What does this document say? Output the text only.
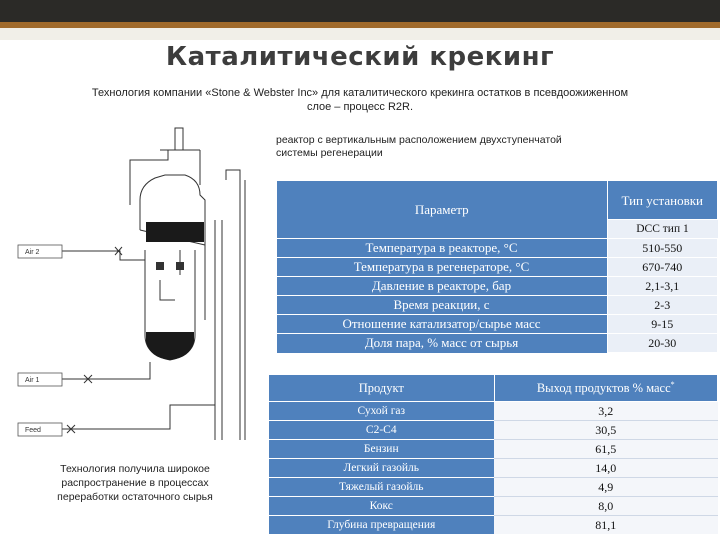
Каталитический крекинг
Технология компании «Stone & Webster Inc» для каталитического крекинга остатков в псевдоожиженном слое – процесс R2R.
реактор с вертикальным расположением двухступенчатой системы регенерации
Air 2
Air 1
Feed
Технология получила широкое распространение в процессах переработки остаточного сырья
Параметр	Тип установки
	DCC тип 1
Температура в реакторе, °С	510-550
Температура в регенераторе, °С	670-740
Давление в реакторе, бар	2,1-3,1
Время реакции, с	2-3
Отношение катализатор/сырье масс	9-15
Доля пара, % масс от сырья	20-30
Продукт	Выход продуктов % масс*
Сухой газ	3,2
С2-С4	30,5
Бензин	61,5
Легкий газойль	14,0
Тяжелый газойль	4,9
Кокс	8,0
Глубина превращения	81,1
